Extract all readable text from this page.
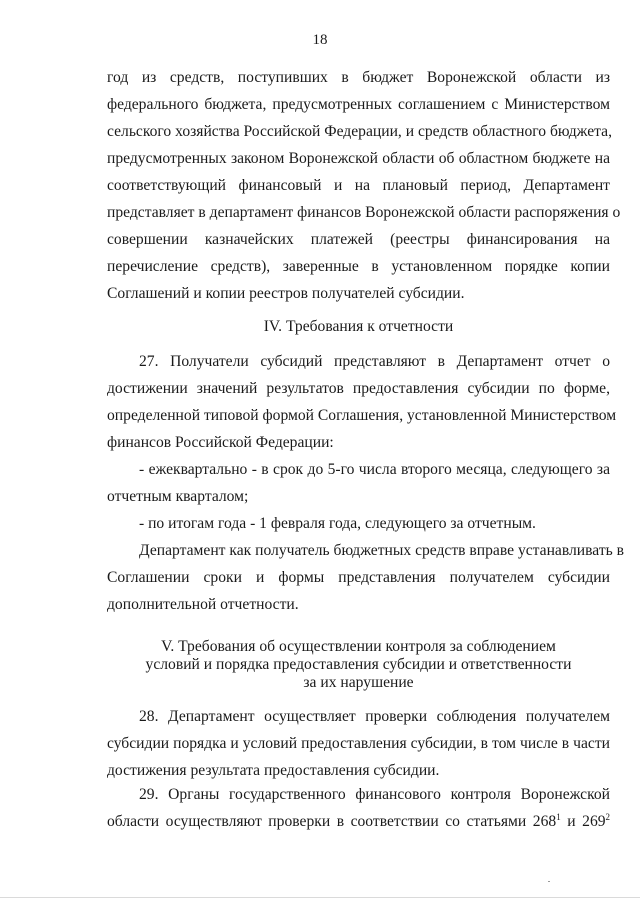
18
год из средств, поступивших в бюджет Воронежской области из
федерального бюджета, предусмотренных соглашением с Министерством
сельского хозяйства Российской Федерации, и средств областного бюджета,
предусмотренных законом Воронежской области об областном бюджете на
соответствующий финансовый и на плановый период, Департамент
представляет в департамент финансов Воронежской области распоряжения о
совершении казначейских платежей (реестры финансирования на
перечисление средств), заверенные в установленном порядке копии
Соглашений и копии реестров получателей субсидии.
IV. Требования к отчетности
27. Получатели субсидий представляют в Департамент отчет о
достижении значений результатов предоставления субсидии по форме,
определенной типовой формой Соглашения, установленной Министерством
финансов Российской Федерации:
- ежеквартально - в срок до 5-го числа второго месяца, следующего за
отчетным кварталом;
- по итогам года - 1 февраля года, следующего за отчетным.
Департамент как получатель бюджетных средств вправе устанавливать в
Соглашении сроки и формы представления получателем субсидии
дополнительной отчетности.
V. Требования об осуществлении контроля за соблюдением
условий и порядка предоставления субсидии и ответственности
за их нарушение
28. Департамент осуществляет проверки соблюдения получателем
субсидии порядка и условий предоставления субсидии, в том числе в части
достижения результата предоставления субсидии.
29. Органы государственного финансового контроля Воронежской
области осуществляют проверки в соответствии со статьями $268^1$ и $269^2$
